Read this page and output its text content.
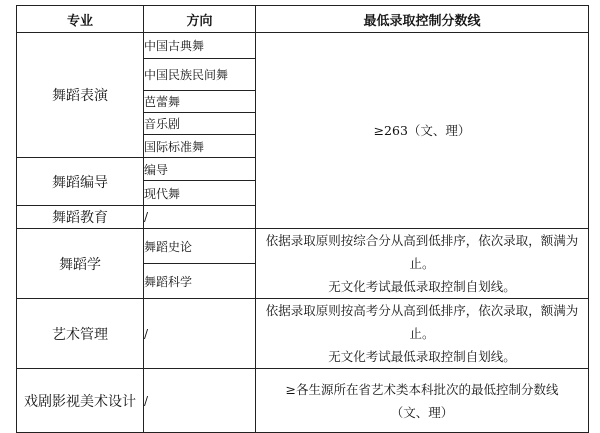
专业	方向	最低录取控制分数线
舞蹈表演	中国古典舞	≥263（文、理）
	中国民族民间舞	
	芭蕾舞	
	音乐剧	
	国际标准舞	
舞蹈编导	编导	
	现代舞	
舞蹈教育	/	
舞蹈学	舞蹈史论	依据录取原则按综合分从高到低排序，依次录取，额满为止。
无文化考试最低录取控制自划线。

	舞蹈科学	
艺术管理	/	依据录取原则按高考分从高到低排序，依次录取，额满为止。
无文化考试最低录取控制自划线。

戏剧影视美术设计	/	≥各生源所在省艺术类本科批次的最低控制分数线
（文、理）
